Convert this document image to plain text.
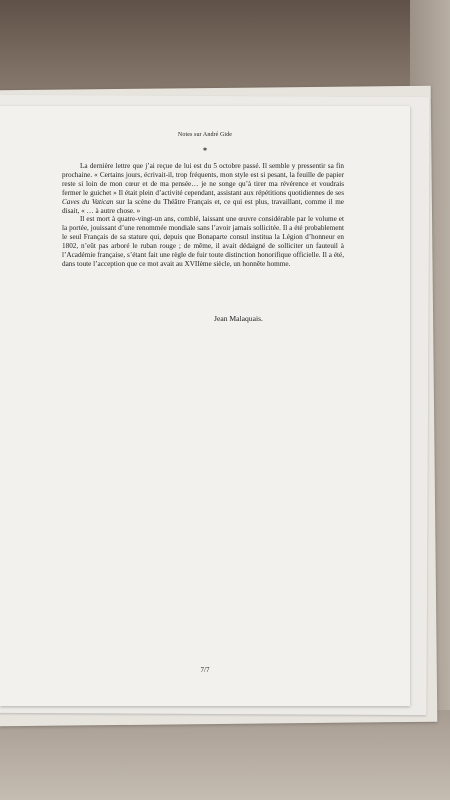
Notes sur André Gide
*

La dernière lettre que j’ai reçue de lui est du 5 octobre passé. Il semble y pressentir sa fin prochaine. « Certains jours, écrivait-il, trop fréquents, mon style est si pesant, la feuille de papier reste si loin de mon cœur et de ma pensée… je ne songe qu’à tirer ma révérence et voudrais fermer le guichet » Il était plein d’activité cependant, assistant aux répétitions quotidiennes de ses Caves du Vatican sur la scène du Théâtre Français et, ce qui est plus, travaillant, comme il me disait, « … à autre chose. »

Il est mort à quatre-vingt-un ans, comblé, laissant une œuvre considérable par le volume et la portée, jouissant d’une renommée mondiale sans l’avoir jamais sollicitée. Il a été probablement le seul Français de sa stature qui, depuis que Bonaparte consul institua la Légion d’honneur en 1802, n’eût pas arboré le ruban rouge ; de même, il avait dédaigné de solliciter un fauteuil à l’Académie française, s’étant fait une règle de fuir toute distinction honorifique officielle. Il a été, dans toute l’acception que ce mot avait au XVIIème siècle, un honnête homme.

Jean Malaquais.
7/7
